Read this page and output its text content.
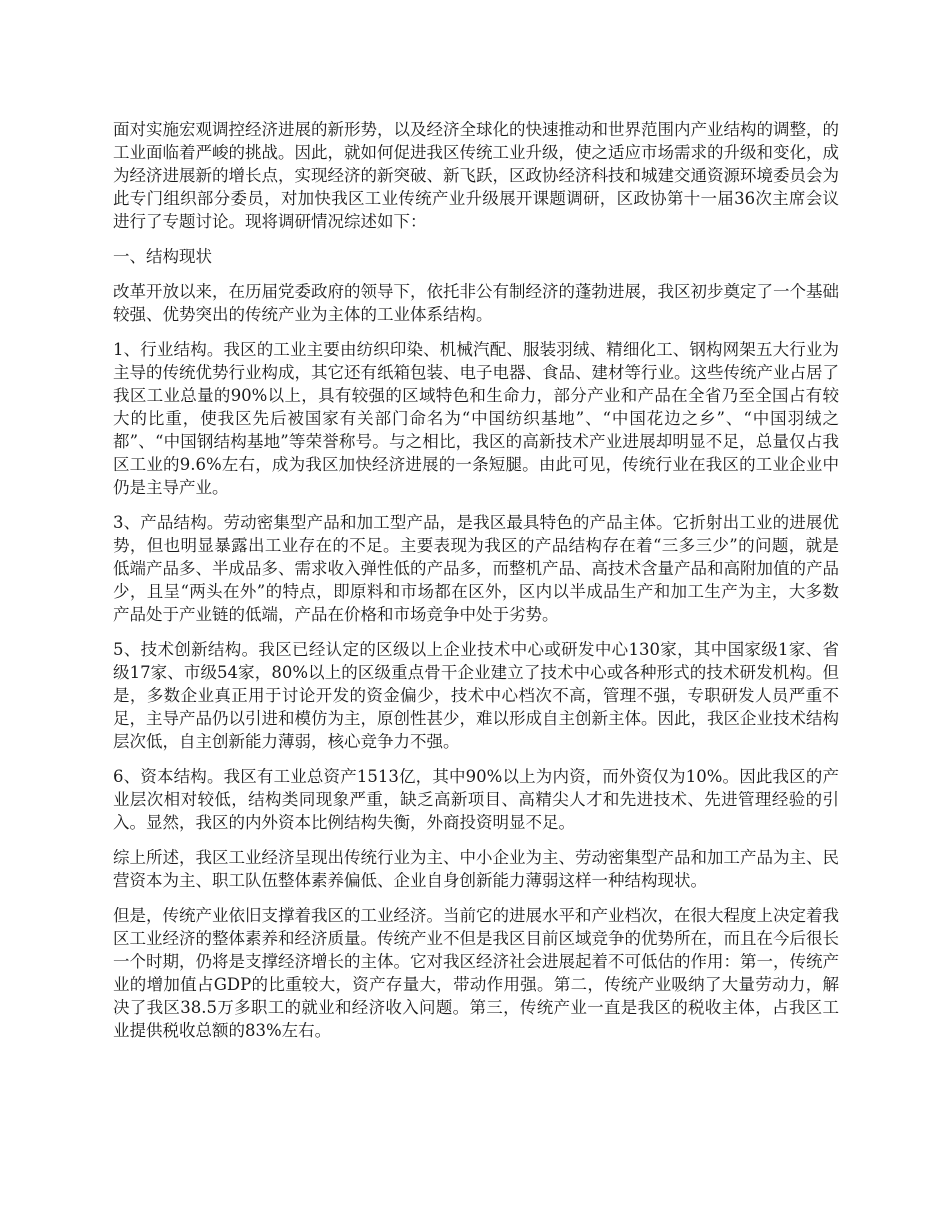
面对实施宏观调控经济进展的新形势，以及经济全球化的快速推动和世界范围内产业结构的调整，的工业面临着严峻的挑战。因此，就如何促进我区传统工业升级，使之适应市场需求的升级和变化，成为经济进展新的增长点，实现经济的新突破、新飞跃，区政协经济科技和城建交通资源环境委员会为此专门组织部分委员，对加快我区工业传统产业升级展开课题调研，区政协第十一届36次主席会议进行了专题讨论。现将调研情况综述如下：

一、结构现状

改革开放以来，在历届党委政府的领导下，依托非公有制经济的蓬勃进展，我区初步奠定了一个基础较强、优势突出的传统产业为主体的工业体系结构。

1、行业结构。我区的工业主要由纺织印染、机械汽配、服装羽绒、精细化工、钢构网架五大行业为主导的传统优势行业构成，其它还有纸箱包装、电子电器、食品、建材等行业。这些传统产业占居了我区工业总量的90%以上，具有较强的区域特色和生命力，部分产业和产品在全省乃至全国占有较大的比重，使我区先后被国家有关部门命名为“中国纺织基地”、“中国花边之乡”、“中国羽绒之都”、“中国钢结构基地”等荣誉称号。与之相比，我区的高新技术产业进展却明显不足，总量仅占我区工业的9.6%左右，成为我区加快经济进展的一条短腿。由此可见，传统行业在我区的工业企业中仍是主导产业。

3、产品结构。劳动密集型产品和加工型产品，是我区最具特色的产品主体。它折射出工业的进展优势，但也明显暴露出工业存在的不足。主要表现为我区的产品结构存在着“三多三少”的问题，就是低端产品多、半成品多、需求收入弹性低的产品多，而整机产品、高技术含量产品和高附加值的产品少，且呈“两头在外”的特点，即原料和市场都在区外，区内以半成品生产和加工生产为主，大多数产品处于产业链的低端，产品在价格和市场竞争中处于劣势。

5、技术创新结构。我区已经认定的区级以上企业技术中心或研发中心130家，其中国家级1家、省级17家、市级54家，80%以上的区级重点骨干企业建立了技术中心或各种形式的技术研发机构。但是，多数企业真正用于讨论开发的资金偏少，技术中心档次不高，管理不强，专职研发人员严重不足，主导产品仍以引进和模仿为主，原创性甚少，难以形成自主创新主体。因此，我区企业技术结构层次低，自主创新能力薄弱，核心竞争力不强。

6、资本结构。我区有工业总资产1513亿，其中90%以上为内资，而外资仅为10%。因此我区的产业层次相对较低，结构类同现象严重，缺乏高新项目、高精尖人才和先进技术、先进管理经验的引入。显然，我区的内外资本比例结构失衡，外商投资明显不足。

综上所述，我区工业经济呈现出传统行业为主、中小企业为主、劳动密集型产品和加工产品为主、民营资本为主、职工队伍整体素养偏低、企业自身创新能力薄弱这样一种结构现状。

但是，传统产业依旧支撑着我区的工业经济。当前它的进展水平和产业档次，在很大程度上决定着我区工业经济的整体素养和经济质量。传统产业不但是我区目前区域竞争的优势所在，而且在今后很长一个时期，仍将是支撑经济增长的主体。它对我区经济社会进展起着不可低估的作用：第一，传统产业的增加值占GDP的比重较大，资产存量大，带动作用强。第二，传统产业吸纳了大量劳动力，解决了我区38.5万多职工的就业和经济收入问题。第三，传统产业一直是我区的税收主体，占我区工业提供税收总额的83%左右。
